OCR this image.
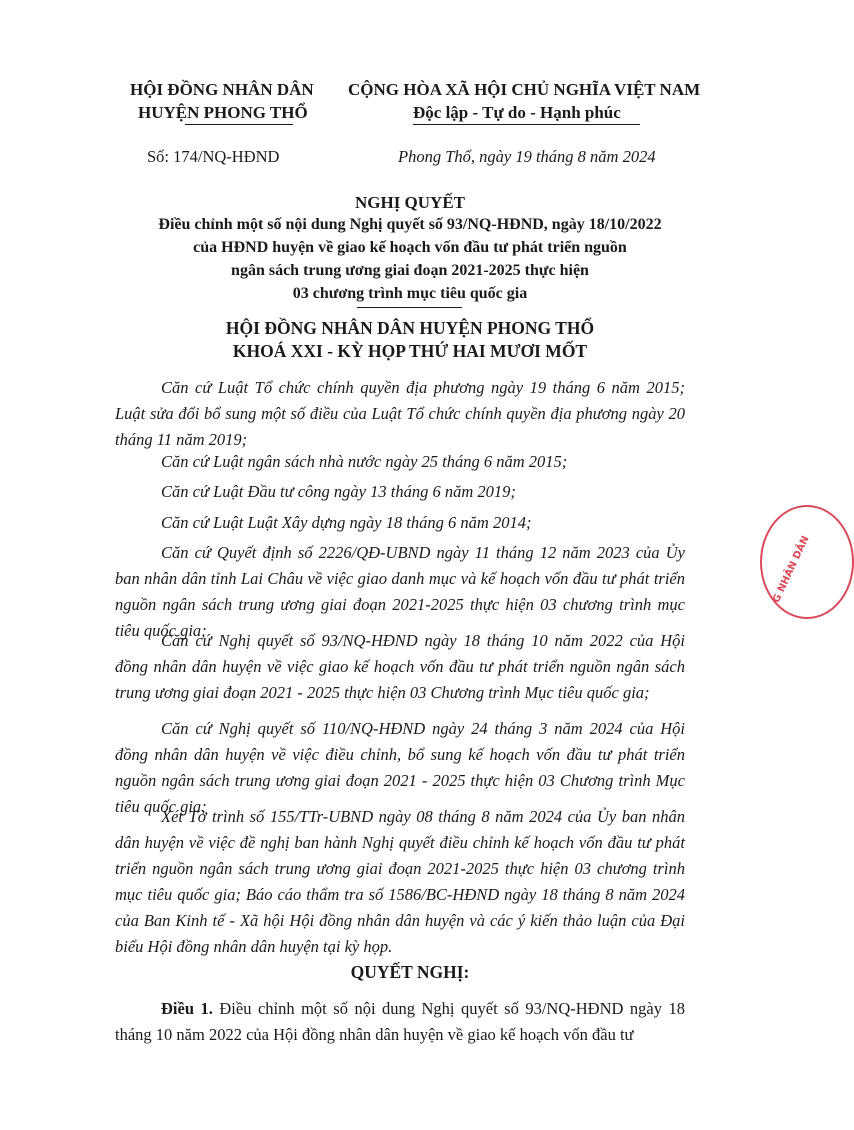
HỘI ĐỒNG NHÂN DÂN
HUYỆN PHONG THỔ
CỘNG HÒA XÃ HỘI CHỦ NGHĨA VIỆT NAM
Độc lập - Tự do - Hạnh phúc
Số: 174/NQ-HĐND	Phong Thổ, ngày 19 tháng 8 năm 2024
NGHỊ QUYẾT
Điều chỉnh một số nội dung Nghị quyết số 93/NQ-HĐND, ngày 18/10/2022
của HĐND huyện về giao kế hoạch vốn đầu tư phát triển nguồn
ngân sách trung ương giai đoạn 2021-2025 thực hiện
03 chương trình mục tiêu quốc gia
HỘI ĐỒNG NHÂN DÂN HUYỆN PHONG THỔ
KHOÁ XXI - KỲ HỌP THỨ HAI MƯƠI MỐT
Căn cứ Luật Tổ chức chính quyền địa phương ngày 19 tháng 6 năm 2015; Luật sửa đổi bổ sung một số điều của Luật Tổ chức chính quyền địa phương ngày 20 tháng 11 năm 2019;
Căn cứ Luật ngân sách nhà nước ngày 25 tháng 6 năm 2015;
Căn cứ Luật Đầu tư công ngày 13 tháng 6 năm 2019;
Căn cứ Luật Luật Xây dựng ngày 18 tháng 6 năm 2014;
Căn cứ Quyết định số 2226/QĐ-UBND ngày 11 tháng 12 năm 2023 của Ủy ban nhân dân tỉnh Lai Châu về việc giao danh mục và kế hoạch vốn đầu tư phát triển nguồn ngân sách trung ương giai đoạn 2021-2025 thực hiện 03 chương trình mục tiêu quốc gia;
Căn cứ Nghị quyết số 93/NQ-HĐND ngày 18 tháng 10 năm 2022 của Hội đồng nhân dân huyện về việc giao kế hoạch vốn đầu tư phát triển nguồn ngân sách trung ương giai đoạn 2021 - 2025 thực hiện 03 Chương trình Mục tiêu quốc gia;
Căn cứ Nghị quyết số 110/NQ-HĐND ngày 24 tháng 3 năm 2024 của Hội đồng nhân dân huyện về việc điều chỉnh, bổ sung kế hoạch vốn đầu tư phát triển nguồn ngân sách trung ương giai đoạn 2021 - 2025 thực hiện 03 Chương trình Mục tiêu quốc gia;
Xét Tờ trình số 155/TTr-UBND ngày 08 tháng 8 năm 2024 của Ủy ban nhân dân huyện về việc đề nghị ban hành Nghị quyết điều chỉnh kế hoạch vốn đầu tư phát triển nguồn ngân sách trung ương giai đoạn 2021-2025 thực hiện 03 chương trình mục tiêu quốc gia; Báo cáo thẩm tra số 1586/BC-HĐND ngày 18 tháng 8 năm 2024 của Ban Kinh tế - Xã hội Hội đồng nhân dân huyện và các ý kiến thảo luận của Đại biểu Hội đồng nhân dân huyện tại kỳ họp.
QUYẾT NGHỊ:
Điều 1. Điều chỉnh một số nội dung Nghị quyết số 93/NQ-HĐND ngày 18 tháng 10 năm 2022 của Hội đồng nhân dân huyện về giao kế hoạch vốn đầu tư
G NHÂN DÂN
